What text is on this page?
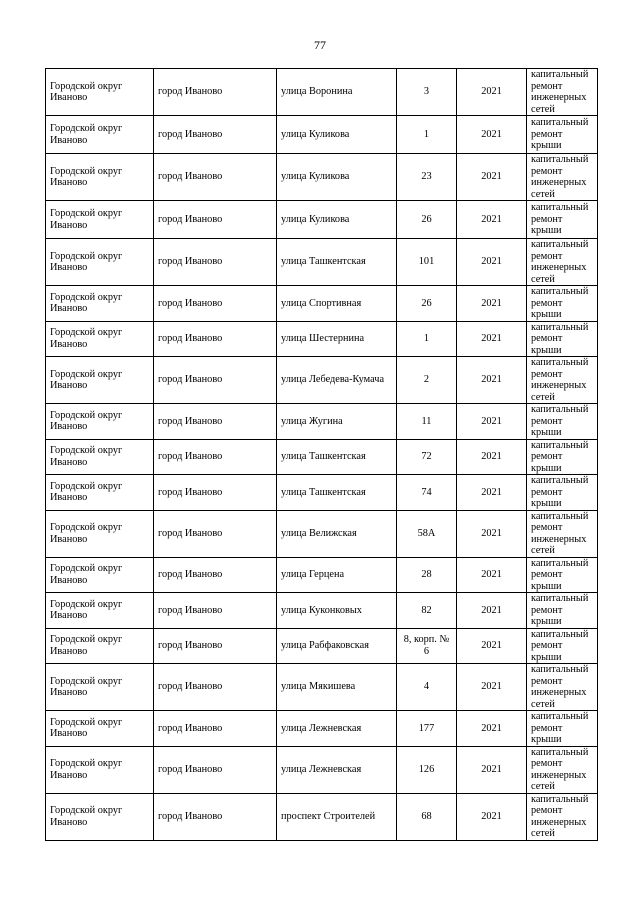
77
Городской округ Иваново	город Иваново	улица Воронина	3	2021	капитальный ремонт инженерных сетей
Городской округ Иваново	город Иваново	улица Куликова	1	2021	капитальный ремонт крыши
Городской округ Иваново	город Иваново	улица Куликова	23	2021	капитальный ремонт инженерных сетей
Городской округ Иваново	город Иваново	улица Куликова	26	2021	капитальный ремонт крыши
Городской округ Иваново	город Иваново	улица Ташкентская	101	2021	капитальный ремонт инженерных сетей
Городской округ Иваново	город Иваново	улица Спортивная	26	2021	капитальный ремонт крыши
Городской округ Иваново	город Иваново	улица Шестернина	1	2021	капитальный ремонт крыши
Городской округ Иваново	город Иваново	улица Лебедева-Кумача	2	2021	капитальный ремонт инженерных сетей
Городской округ Иваново	город Иваново	улица Жугина	11	2021	капитальный ремонт крыши
Городской округ Иваново	город Иваново	улица Ташкентская	72	2021	капитальный ремонт крыши
Городской округ Иваново	город Иваново	улица Ташкентская	74	2021	капитальный ремонт крыши
Городской округ Иваново	город Иваново	улица Велижская	58А	2021	капитальный ремонт инженерных сетей
Городской округ Иваново	город Иваново	улица Герцена	28	2021	капитальный ремонт крыши
Городской округ Иваново	город Иваново	улица Куконковых	82	2021	капитальный ремонт крыши
Городской округ Иваново	город Иваново	улица Рабфаковская	8, корп. № 6	2021	капитальный ремонт крыши
Городской округ Иваново	город Иваново	улица Мякишева	4	2021	капитальный ремонт инженерных сетей
Городской округ Иваново	город Иваново	улица Лежневская	177	2021	капитальный ремонт крыши
Городской округ Иваново	город Иваново	улица Лежневская	126	2021	капитальный ремонт инженерных сетей
Городской округ Иваново	город Иваново	проспект Строителей	68	2021	капитальный ремонт инженерных сетей
